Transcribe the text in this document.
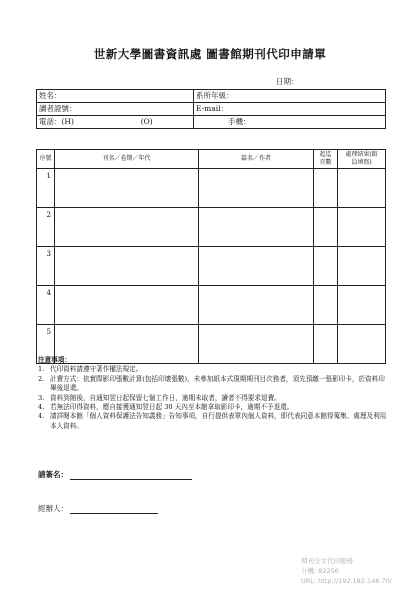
世新大學圖書資訊處 圖書館期刊代印申請單
日期：
姓名：	系所年級：
讀者證號：	E-mail：
電話：(H) (O)	手機：
序號	刊名／卷期／年代	篇名／作者	起迄頁數	處理結果(館員填寫)
1				
2				
3				
4				
5				
注意事項：
1. 代印資料請遵守著作權法規定。
2. 計費方式：依實際影印張數計算(包括印壞張數)，未參加紙本式現期期刊目次務者，須先預繳一張影印卡，於資料印畢後退還。
3. 資料到館後，自通知翌日起保留七個工作日，逾期未取者，讀者不得要求退費。
4. 若無法印得資料，應自接獲通知翌日起 30 天內至本館拿取影印卡，逾期不予退還。
4. 請詳閱本館「個人資料保護法告知義務」告知事項，自行提供表單內個人資料，即代表同意本館得蒐集、處理及利用本人資料。
請簽名：
經辦人：
期刊全文代印服務
分機: 82256
URL: http://192.192.148.70/
